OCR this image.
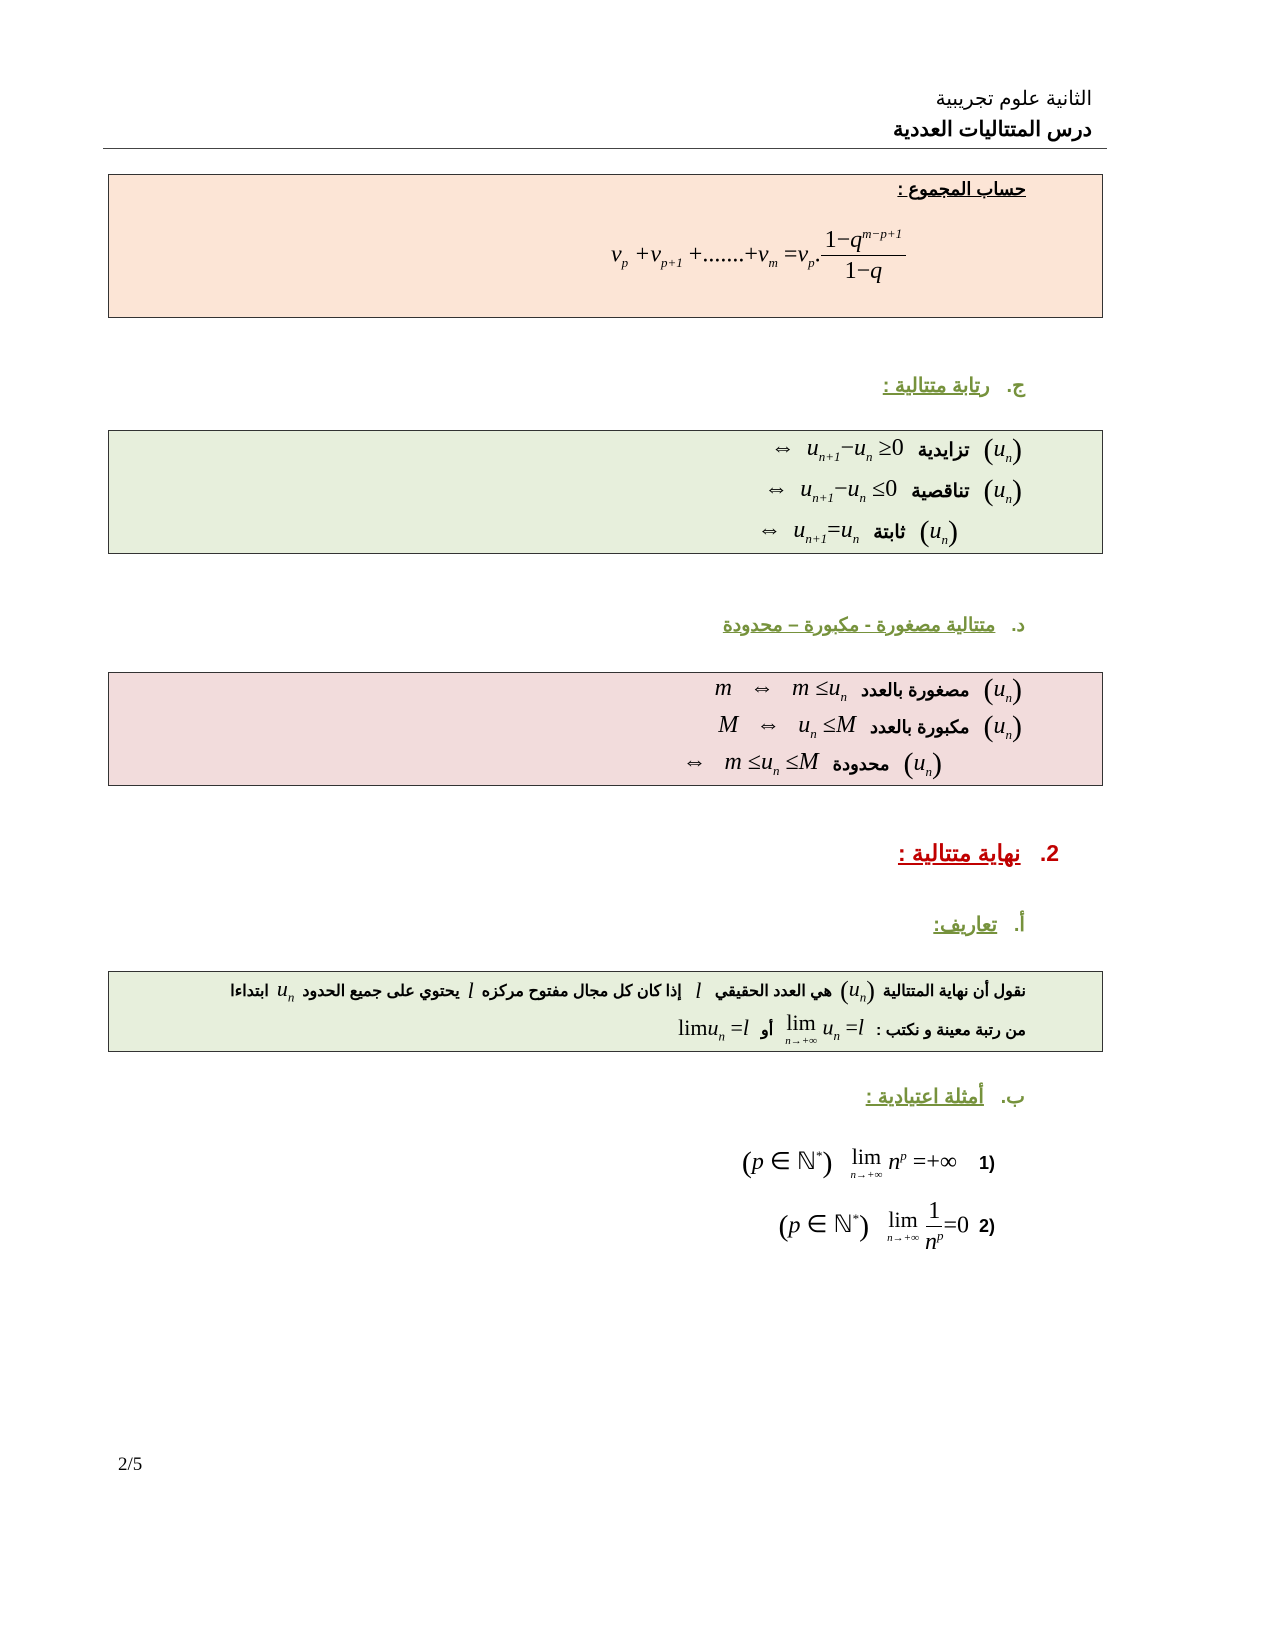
الثانية علوم تجريبية
درس المتتاليات العددية
حساب المجموع :
$v_p +v_{p+1} +.......+v_m =v_p$. $\frac{1-q^{m-p+1}}{1-q}$
ج.   رتابة متتالية :
$(u_n)$
تزايدية
⇔  $u_{n+1}-u_n \ge 0$
$(u_n)$
تناقصية
⇔  $u_{n+1}-u_n \le 0$
$(u_n)$
ثابتة
⇔  $u_{n+1}=u_n$
د.   متتالية مصغورة - مكبورة – محدودة
$(u_n)$
مصغورة بالعدد
m   ⇔   $m \le u_n$
$(u_n)$
مكبورة بالعدد
M   ⇔   $u_n \le M$
$(u_n)$
محدودة
⇔   $m \le u_n \le M$
2.   نهاية متتالية :
أ.   تعاريف:
نقول أن نهاية المتتالية
$(u_n)$
هي العدد الحقيقي
l
إذا كان كل مجال مفتوح مركزه
l
يحتوي على جميع الحدود
$u_n$
ابتداءا
من رتبة معينة و نكتب :
lim
n→+∞
$u_n =l$
أو
limu$_n$ =l
ب.   أمثلة اعتيادية :
(1
(p ∈ ℕ*) lim
n→+∞ $n^p$ =+∞
(2
(p ∈ ℕ*) lim
n→+∞
$\frac{1}{n^p} =0$
2/5
